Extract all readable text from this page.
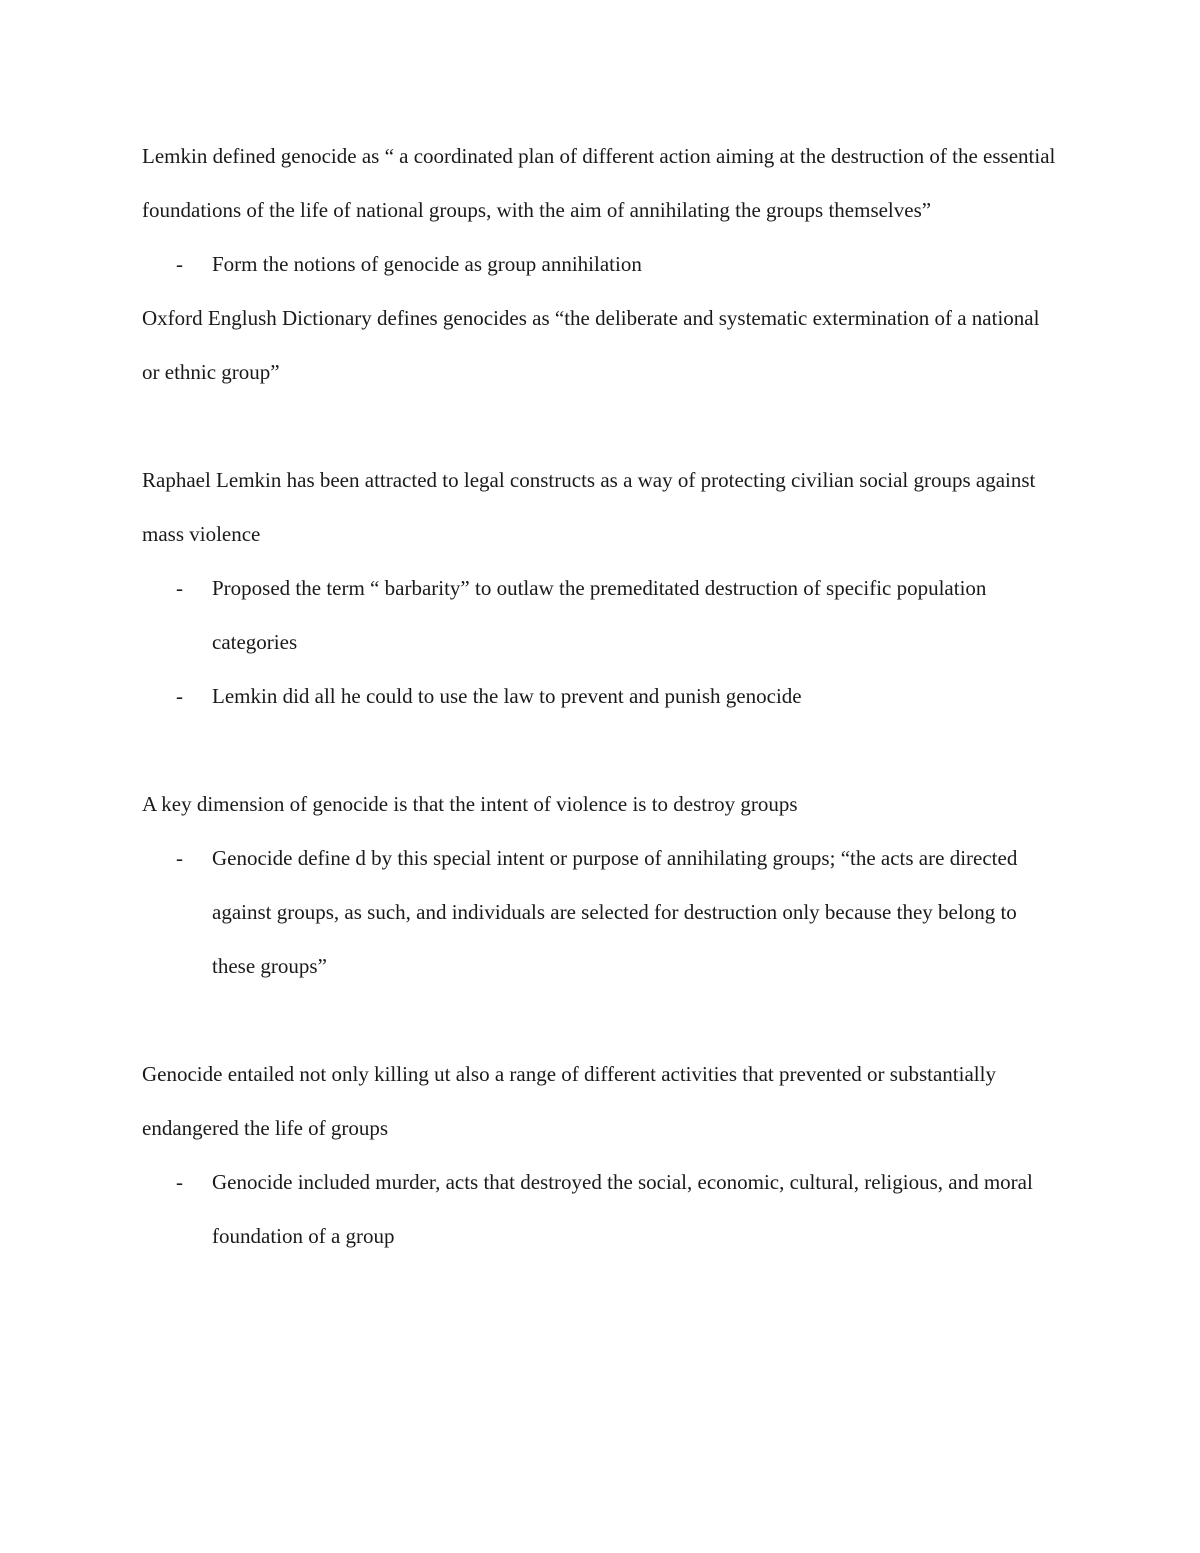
Lemkin defined genocide as “ a coordinated plan of different action aiming at the destruction of the essential foundations of the life of national groups, with the aim of annihilating the groups themselves”

- Form the notions of genocide as group annihilation

Oxford Englush Dictionary defines genocides as “the deliberate and systematic extermination of a national or ethnic group”

Raphael Lemkin has been attracted to legal constructs as a way of protecting civilian social groups against mass violence

- Proposed the term “ barbarity” to outlaw the premeditated destruction of specific population categories
- Lemkin did all he could to use the law to prevent and punish genocide

A key dimension of genocide is that the intent of violence is to destroy groups

- Genocide define d by this special intent or purpose of annihilating groups; “the acts are directed against groups, as such, and individuals are selected for destruction only because they belong to these groups”

Genocide entailed not only killing ut also a range of different activities that prevented or substantially endangered the life of groups

- Genocide included murder, acts that destroyed the social, economic, cultural, religious, and moral foundation of a group
